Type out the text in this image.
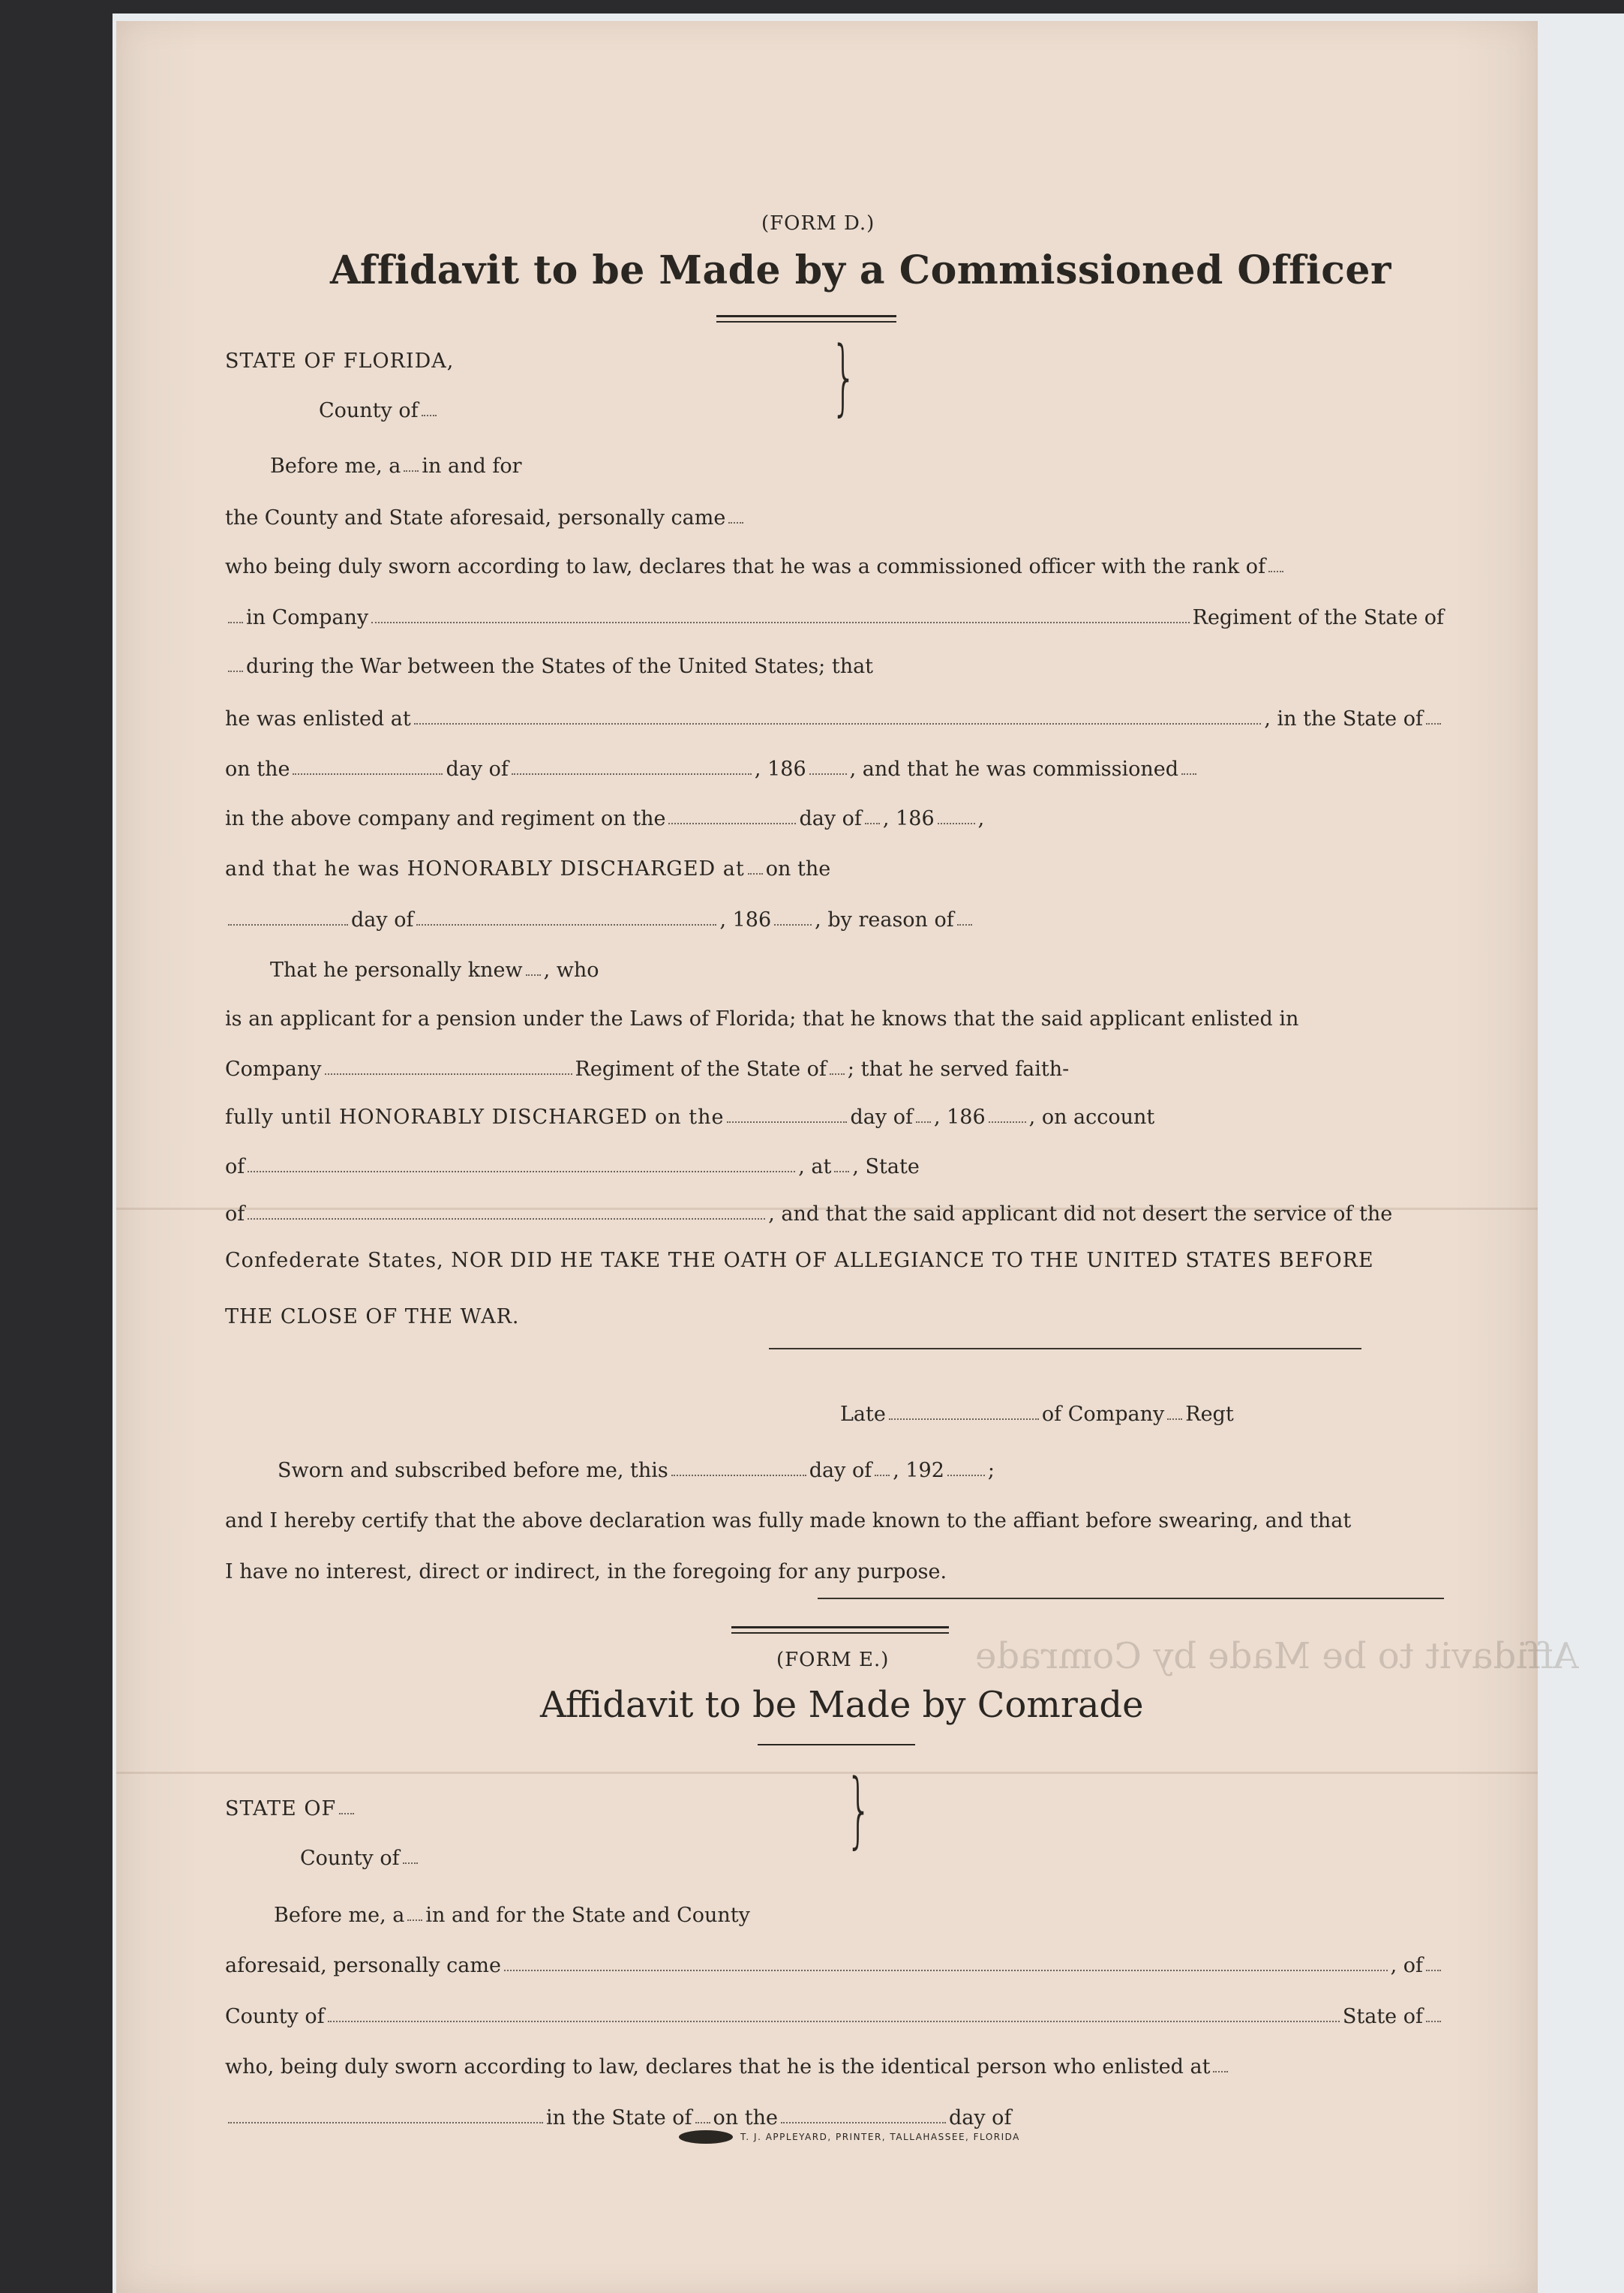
Affidavit to be Made by Comrade
(FORM D.)
Affidavit to be Made by a Commissioned Officer
STATE OF FLORIDA,
County of	}
Before me, a in and for
the County and State aforesaid, personally came
who being duly sworn according to law, declares that he was a commissioned officer with the rank of
in Company	Regiment of the State of
during the War between the States of the United States; that
he was enlisted at	, in the State of
on the	day of	, 186 , and that he was commissioned
in the above company and regiment on the	day of , 186 ,
and that he was HONORABLY DISCHARGED at on the
day of	, 186 , by reason of
That he personally knew , who
is an applicant for a pension under the Laws of Florida; that he knows that the said applicant enlisted in
Company	Regiment of the State of ; that he served faith-
fully until HONORABLY DISCHARGED on the	day of , 186 , on account
of	, at , State
of	, and that the said applicant did not desert the service of the
Confederate States, NOR DID HE TAKE THE OATH OF ALLEGIANCE TO THE UNITED STATES BEFORE
THE CLOSE OF THE WAR.
Late	of Company Regt
Sworn and subscribed before me, this	day of , 192 ;
and I hereby certify that the above declaration was fully made known to the affiant before swearing, and that
I have no interest, direct or indirect, in the foregoing for any purpose.
(FORM E.)
Affidavit to be Made by Comrade
STATE OF
County of
}
Before me, a in and for the State and County
aforesaid, personally came	, of
County of	State of
who, being duly sworn according to law, declares that he is the identical person who enlisted at
in the State of on the	day of
T. J. APPLEYARD, PRINTER, TALLAHASSEE, FLORIDA
